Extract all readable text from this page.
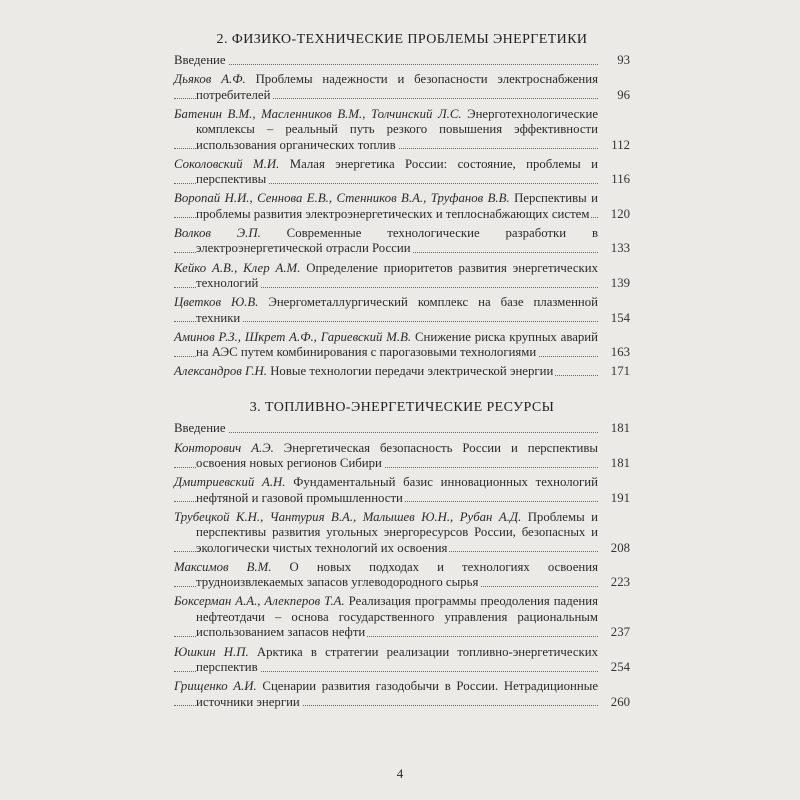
2. ФИЗИКО-ТЕХНИЧЕСКИЕ ПРОБЛЕМЫ ЭНЕРГЕТИКИ
Введение	93
Дьяков А.Ф. Проблемы надежности и безопасности электроснабжения потребителей	96
Батенин В.М., Масленников В.М., Толчинский Л.С. Энерготехнологические комплексы – реальный путь резкого повышения эффективности использования органических топлив	112
Соколовский М.И. Малая энергетика России: состояние, проблемы и перспективы	116
Воропай Н.И., Сеннова Е.В., Стенников В.А., Труфанов В.В. Перспективы и проблемы развития электроэнергетических и теплоснабжающих систем	120
Волков Э.П. Современные технологические разработки в электроэнергетической отрасли России	133
Кейко А.В., Клер А.М. Определение приоритетов развития энергетических технологий	139
Цветков Ю.В. Энергометаллургический комплекс на базе плазменной техники	154
Аминов Р.З., Шкрет А.Ф., Гариевский М.В. Снижение риска крупных аварий на АЭС путем комбинирования с парогазовыми технологиями	163
Александров Г.Н. Новые технологии передачи электрической энергии	171
3. ТОПЛИВНО-ЭНЕРГЕТИЧЕСКИЕ РЕСУРСЫ
Введение	181
Конторович А.Э. Энергетическая безопасность России и перспективы освоения новых регионов Сибири	181
Дмитриевский А.Н. Фундаментальный базис инновационных технологий нефтяной и газовой промышленности	191
Трубецкой К.Н., Чантурия В.А., Малышев Ю.Н., Рубан А.Д. Проблемы и перспективы развития угольных энергоресурсов России, безопасных и экологически чистых технологий их освоения	208
Максимов В.М. О новых подходах и технологиях освоения трудноизвлекаемых запасов углеводородного сырья	223
Боксерман А.А., Алекперов Т.А. Реализация программы преодоления падения нефтеотдачи – основа государственного управления рациональным использованием запасов нефти	237
Юшкин Н.П. Арктика в стратегии реализации топливно-энергетических перспектив	254
Грищенко А.И. Сценарии развития газодобычи в России. Нетрадиционные источники энергии	260
4
